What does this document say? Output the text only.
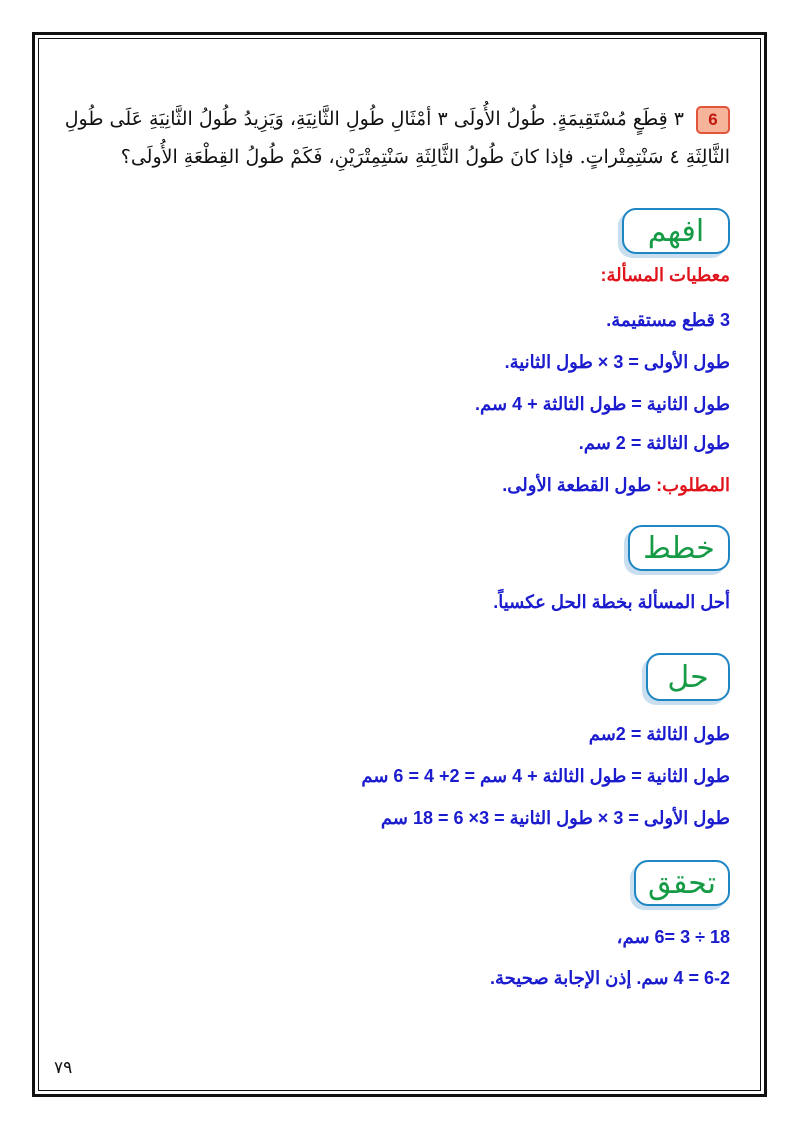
6 ٣ قِطَعٍ مُسْتَقِيمَةٍ. طُولُ الأُولَى ٣ أمْثَالِ طُولِ الثَّانِيَةِ، وَيَزِيدُ طُولُ الثَّانِيَةِ عَلَى طُولِ الثَّالِثَةِ ٤ سَنْتِمِتْراتٍ. فإذا كانَ طُولُ الثَّالِثَةِ سَنْتِمِتْرَيْنِ، فَكَمْ طُولُ القِطْعَةِ الأُولَى؟
افهم
معطيات المسألة:
3 قطع مستقيمة.
طول الأولى = 3 × طول الثانية.
طول الثانية = طول الثالثة + 4 سم.
طول الثالثة = 2 سم.
المطلوب: طول القطعة الأولى.
خطط
أحل المسألة بخطة الحل عكسياً.
حل
طول الثالثة = 2سم
طول الثانية = طول الثالثة + 4 سم = 2+ 4 = 6 سم
طول الأولى = 3 × طول الثانية = 3× 6 = 18 سم
تحقق
18 ÷ 3 =6 سم،
6-2 = 4 سم. إذن الإجابة صحيحة.
٧٩
